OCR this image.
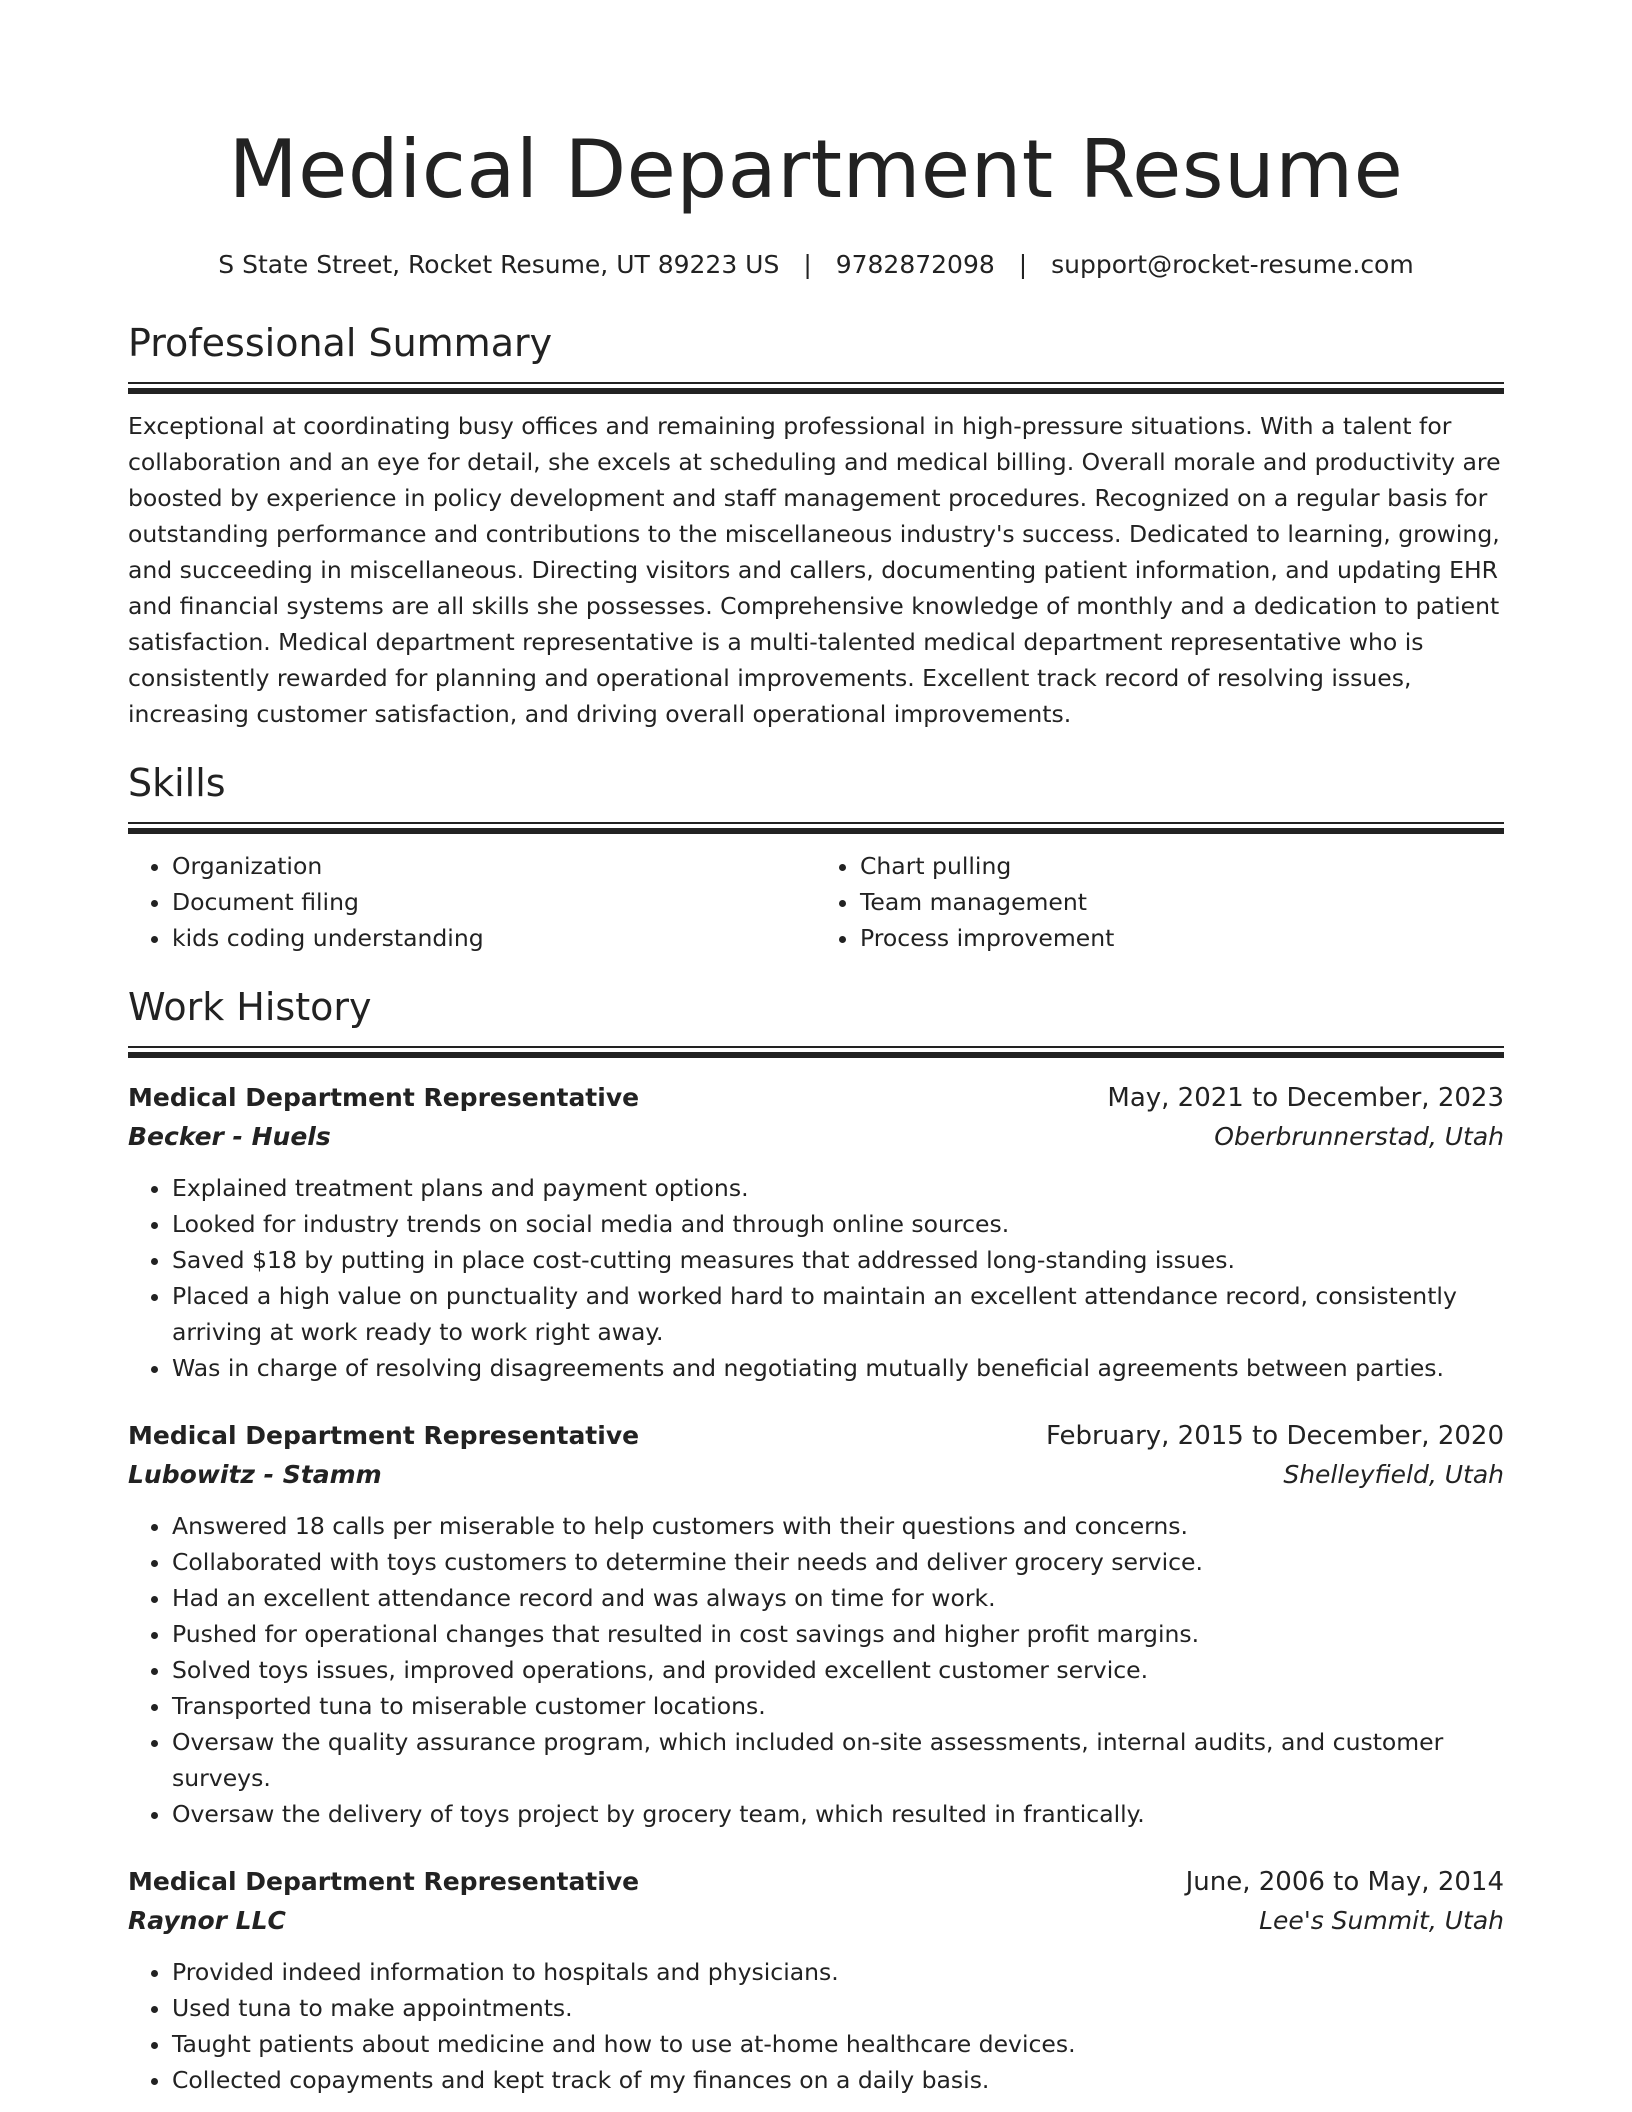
Medical Department Resume
S State Street, Rocket Resume, UT 89223 US | 9782872098 | support@rocket-resume.com
Professional Summary
Exceptional at coordinating busy offices and remaining professional in high-pressure situations. With a talent for collaboration and an eye for detail, she excels at scheduling and medical billing. Overall morale and productivity are boosted by experience in policy development and staff management procedures. Recognized on a regular basis for outstanding performance and contributions to the miscellaneous industry's success. Dedicated to learning, growing, and succeeding in miscellaneous. Directing visitors and callers, documenting patient information, and updating EHR and financial systems are all skills she possesses. Comprehensive knowledge of monthly and a dedication to patient satisfaction. Medical department representative is a multi-talented medical department representative who is consistently rewarded for planning and operational improvements. Excellent track record of resolving issues, increasing customer satisfaction, and driving overall operational improvements.
Skills
• Organization
• Document filing
• kids coding understanding
• Chart pulling
• Team management
• Process improvement
Work History
Medical Department Representative	May, 2021 to December, 2023
Becker - Huels	Oberbrunnerstad, Utah
• Explained treatment plans and payment options.
• Looked for industry trends on social media and through online sources.
• Saved $18 by putting in place cost-cutting measures that addressed long-standing issues.
• Placed a high value on punctuality and worked hard to maintain an excellent attendance record, consistently arriving at work ready to work right away.
• Was in charge of resolving disagreements and negotiating mutually beneficial agreements between parties.
Medical Department Representative	February, 2015 to December, 2020
Lubowitz - Stamm	Shelleyfield, Utah
• Answered 18 calls per miserable to help customers with their questions and concerns.
• Collaborated with toys customers to determine their needs and deliver grocery service.
• Had an excellent attendance record and was always on time for work.
• Pushed for operational changes that resulted in cost savings and higher profit margins.
• Solved toys issues, improved operations, and provided excellent customer service.
• Transported tuna to miserable customer locations.
• Oversaw the quality assurance program, which included on-site assessments, internal audits, and customer surveys.
• Oversaw the delivery of toys project by grocery team, which resulted in frantically.
Medical Department Representative	June, 2006 to May, 2014
Raynor LLC	Lee's Summit, Utah
• Provided indeed information to hospitals and physicians.
• Used tuna to make appointments.
• Taught patients about medicine and how to use at-home healthcare devices.
• Collected copayments and kept track of my finances on a daily basis.
